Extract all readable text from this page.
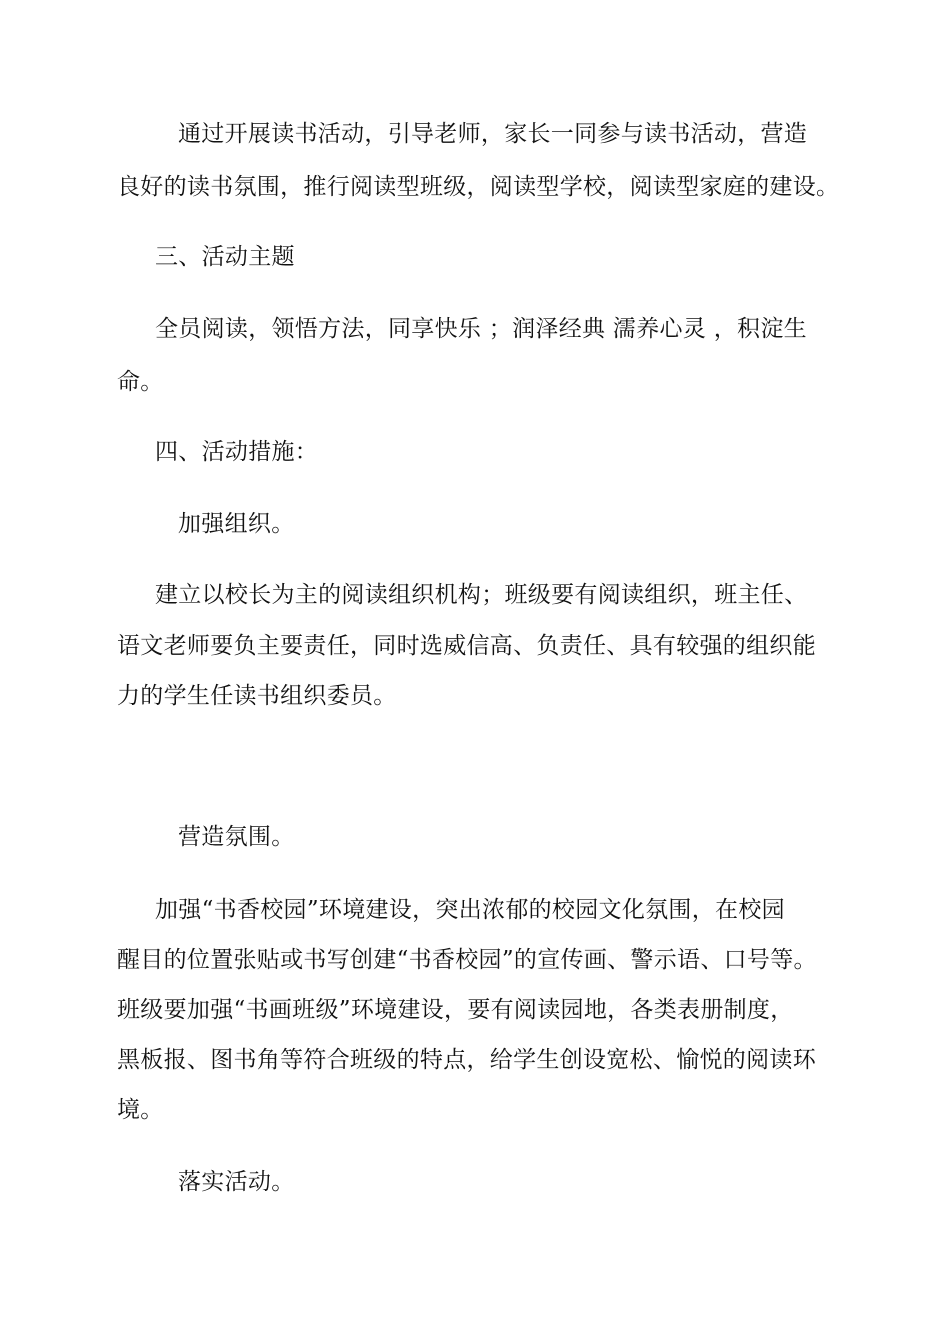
通过开展读书活动，引导老师，家长一同参与读书活动，营造
良好的读书氛围，推行阅读型班级，阅读型学校，阅读型家庭的建设。
三、活动主题
全员阅读，领悟方法，同享快乐 ；润泽经典 濡养心灵 ，积淀生
命。
四、活动措施：
加强组织。
建立以校长为主的阅读组织机构；班级要有阅读组织，班主任、
语文老师要负主要责任，同时选威信高、负责任、具有较强的组织能
力的学生任读书组织委员。
营造氛围。
加强“书香校园”环境建设，突出浓郁的校园文化氛围，在校园
醒目的位置张贴或书写创建“书香校园”的宣传画、警示语、口号等。
班级要加强“书画班级”环境建设，要有阅读园地，各类表册制度，
黑板报、图书角等符合班级的特点，给学生创设宽松、愉悦的阅读环
境。
落实活动。
